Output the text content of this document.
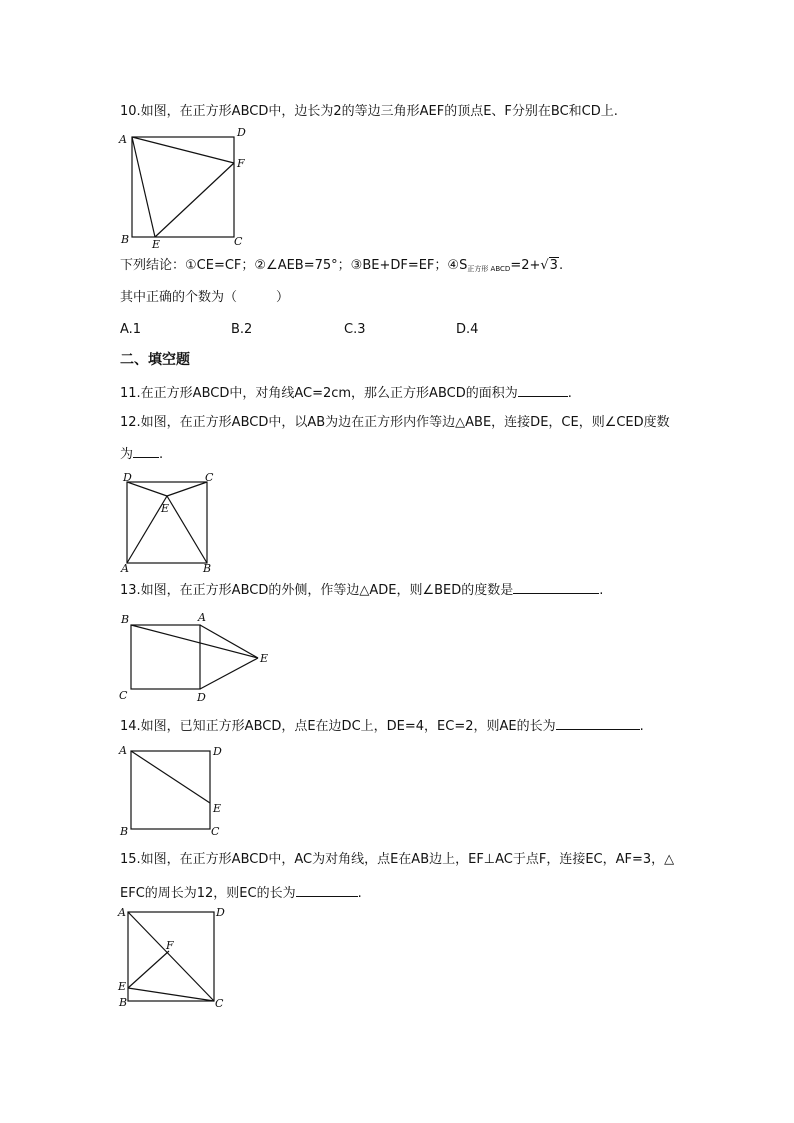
10.如图，在正方形ABCD中，边长为2的等边三角形AEF的顶点E、F分别在BC和CD上.
A
D
F
B E	C
下列结论：①CE=CF；②∠AEB=75°；③BE+DF=EF；$④S_{正方形 ABCD}=2+√3$.
其中正确的个数为（　　　）
A.1	B.2	C.3	D.4
二、填空题
11.在正方形ABCD中，对角线AC=2cm，那么正方形ABCD的面积为	.
12.如图，在正方形ABCD中，以AB为边在正方形内作等边△ABE，连接DE，CE，则∠CED度数
为 .
D	C
E
A	B
13.如图，在正方形ABCD的外侧，作等边△ADE，则∠BED的度数是	.
B	A
E
C	D
14.如图，已知正方形ABCD，点E在边DC上，DE=4，EC=2，则AE的长为	.
A	D
E
B	C
15.如图，在正方形ABCD中，AC为对角线，点E在AB边上，EF⊥AC于点F，连接EC，AF=3，△
EFC的周长为12，则EC的长为	.
A	D
F
E
B	C
